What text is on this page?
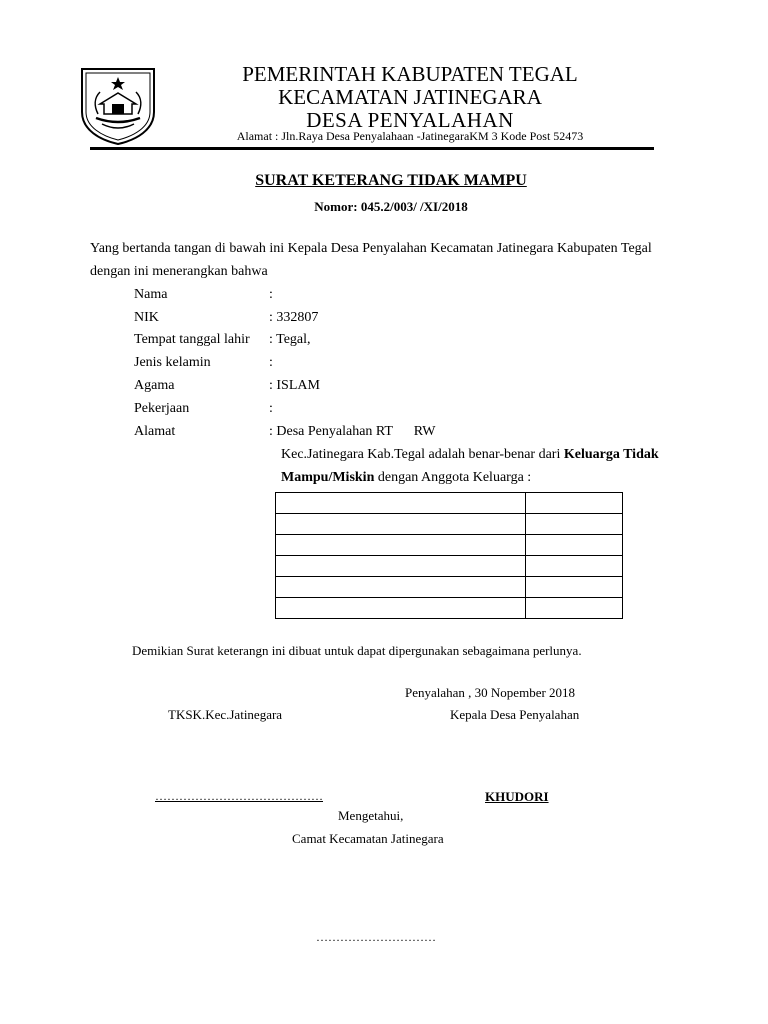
PEMERINTAH KABUPATEN TEGAL
KECAMATAN JATINEGARA
DESA PENYALAHAN
Alamat : Jln.Raya Desa Penyalahaan -JatinegaraKM 3 Kode Post 52473
SURAT KETERANG TIDAK MAMPU
Nomor: 045.2/003/ /XI/2018
Yang bertanda tangan di bawah ini Kepala Desa Penyalahan Kecamatan Jatinegara Kabupaten Tegal
dengan ini menerangkan bahwa
Nama	:
NIK	: 332807
Tempat tanggal lahir : Tegal,
Jenis kelamin	:
Agama	: ISLAM
Pekerjaan	:
Alamat	: Desa Penyalahan RT      RW
Kec.Jatinegara Kab.Tegal adalah benar-benar dari Keluarga Tidak
Mampu/Miskin dengan Anggota Keluarga :

Demikian Surat keterangn ini dibuat untuk dapat dipergunakan sebagaimana perlunya.
Penyalahan , 30 Nopember 2018
TKSK.Kec.Jatinegara	Kepala Desa Penyalahan
……………………………………	KHUDORI
Mengetahui,
Camat Kecamatan Jatinegara
…………………………
